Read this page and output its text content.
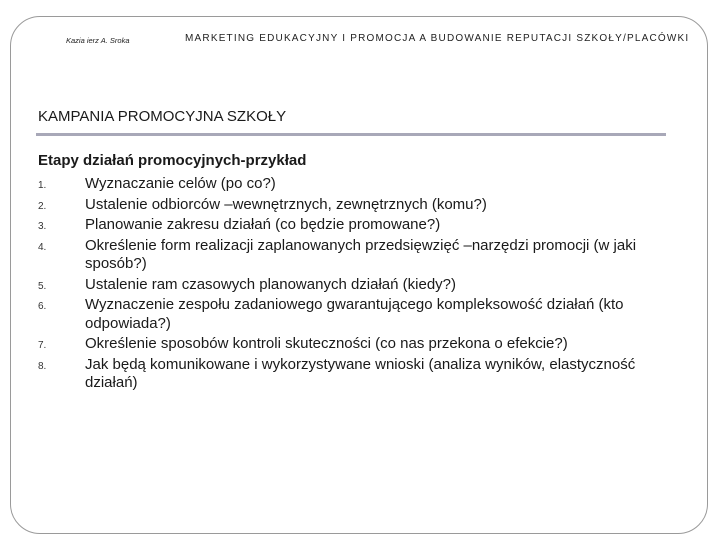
Kazia ierz A. Sroka	MARKETING EDUKACYJNY I PROMOCJA A BUDOWANIE REPUTACJI SZKOŁY/PLACÓWKI
KAMPANIA PROMOCYJNA SZKOŁY
Etapy działań promocyjnych-przykład
1.	Wyznaczanie celów (po co?)
2.	Ustalenie odbiorców –wewnętrznych, zewnętrznych (komu?)
3.	Planowanie zakresu działań (co będzie promowane?)
4.	Określenie form realizacji zaplanowanych przedsięwzięć –narzędzi promocji (w jaki sposób?)
5.	Ustalenie ram czasowych planowanych działań (kiedy?)
6.	Wyznaczenie zespołu zadaniowego gwarantującego kompleksowość działań (kto odpowiada?)
7.	Określenie sposobów kontroli skuteczności (co nas przekona o efekcie?)
8.	Jak będą komunikowane i wykorzystywane wnioski (analiza wyników, elastyczność działań)
